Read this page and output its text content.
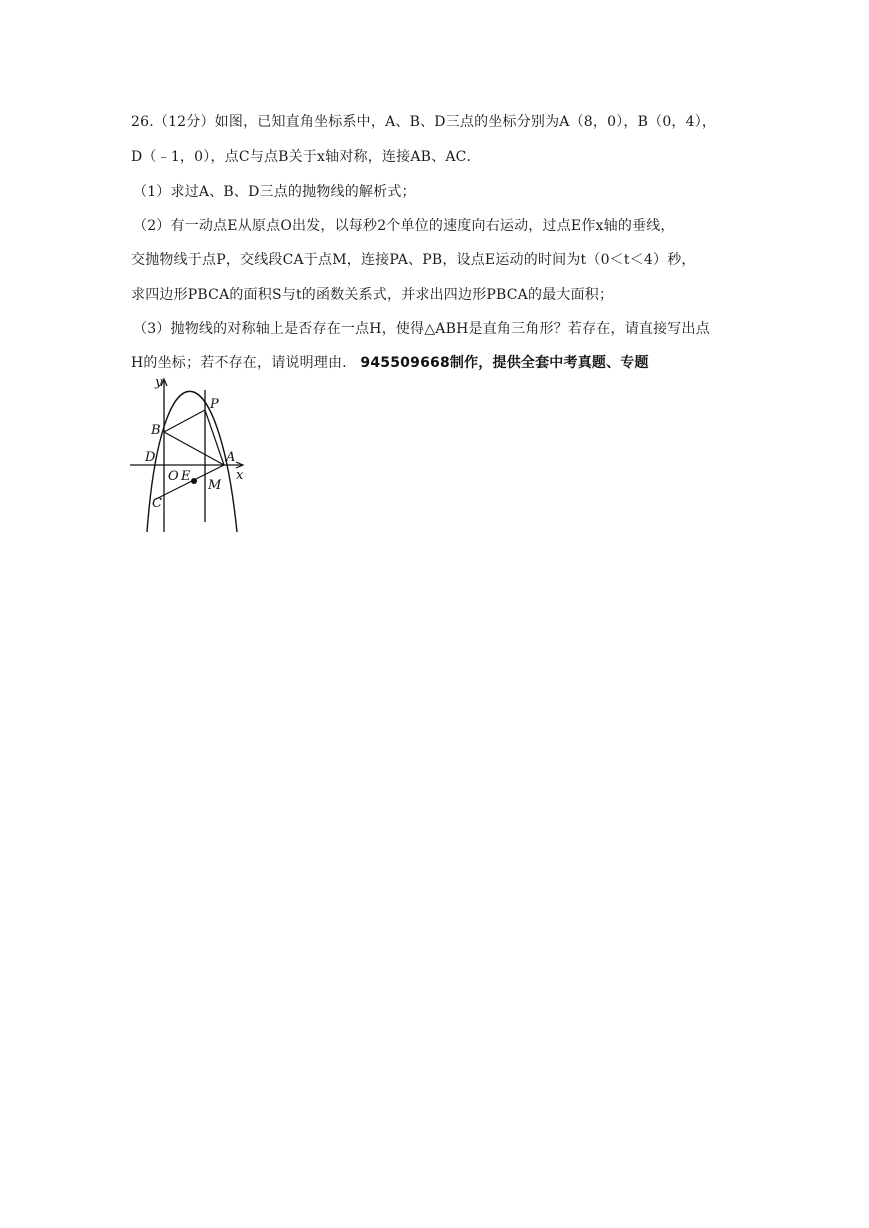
26.（12分）如图，已知直角坐标系中，A、B、D三点的坐标分别为A（8，0），B（0，4），
D（﹣1，0），点C与点B关于x轴对称，连接AB、AC．
（1）求过A、B、D三点的抛物线的解析式；
（2）有一动点E从原点O出发，以每秒2个单位的速度向右运动，过点E作x轴的垂线，
交抛物线于点P，交线段CA于点M，连接PA、PB，设点E运动的时间为t（0＜t＜4）秒，
求四边形PBCA的面积S与t的函数关系式，并求出四边形PBCA的最大面积；
（3）抛物线的对称轴上是否存在一点H，使得△ABH是直角三角形？若存在，请直接写出点
H的坐标；若不存在，请说明理由． 945509668制作，提供全套中考真题、专题
y
x
P
B
D	A
O E
M
C
